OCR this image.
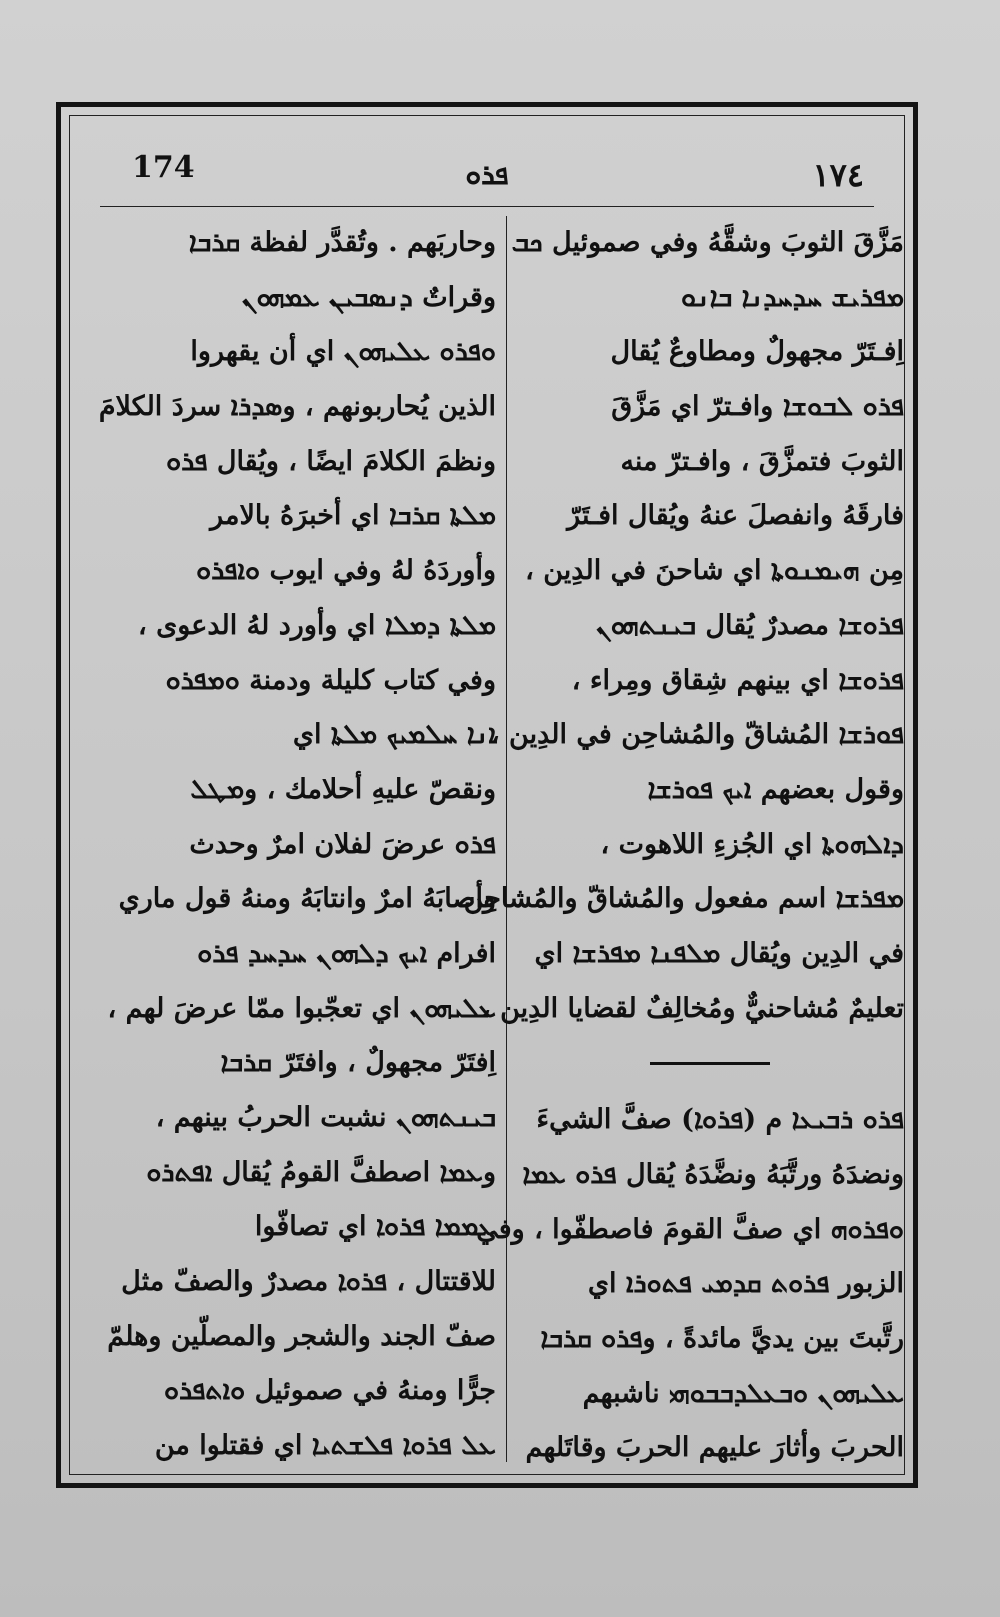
174	ܦܪܘ	١٧٤
مَزَّقَ الثوبَ وشقَّهُ وفي صموئيل ܟܒ
ܡܦܪܝܫ ܚܕܚܕܢܐ ܒܐܢܘ
اِفـتَرّ مجهولٌ ومطاوعٌ يُقال
ܦܪܘ ܠܒܘܫܐ وافـترّ اي مَزَّقَ
الثوبَ فتمزَّقَ ، وافـترّ منه
فارقَهُ وانفصلَ عنهُ ويُقال افـتَرّ
مِن ܗܝܡܢܘܬܐ اي شاحنَ في الدِين ،
ܦܪܘܫܐ مصدرٌ يُقال ܒܝܢܬܗܘܢ
ܦܪܘܫܐ اي بينهم شِقاق ومِراء ،
ܦܘܪܫܐ المُشاقّ والمُشاحِن في الدِين ،
وقول بعضهم ܐܝܟ ܦܘܪܫܐ
ܕܐܠܗܘܬܐ اي الجُزءِ اللاهوت ،
ܡܦܪܫܐ اسم مفعول والمُشاقّ والمُشاحِن
في الدِين ويُقال ܡܠܦܢܐ ܡܦܪܫܐ اي
تعليمٌ مُشاحنيٌّ ومُخالِفٌ لقضايا الدِين ،
ܦܪܘ ܪܒܝܥܐ م (ܦܪܘܐ) صفَّ الشيءَ
ونضدَهُ ورتَّبَهُ ونضَّدَهُ يُقال ܦܪܘ ܥܡܐ
ܘܦܪܘܗ اي صفَّ القومَ فاصطفّوا ، وفي
الزبور ܦܪܘܬ ܩܕܡܝ ܦܬܘܪܐ اي
رتَّبتَ بين يديَّ مائدةً ، وܦܪܘ ܩܪܒܐ
ܥܠܝܗܘܢ ܘܒܥܠܕܒܒܘܗܝ ناشبهم
الحربَ وأثارَ عليهم الحربَ وقاتَلهم
وحاربَهم . وتُقدَّر لفظة ܩܪܒܐ
وقراتٌ ܕܢܣܒܝܢ ܥܡܗܘܢ
ܘܦܪܘ ܥܠܝܗܘܢ اي أن يقهروا
الذين يُحاربونهم ، وܣܕܪܐ سردَ الكلامَ
ونظمَ الكلامَ ايضًا ، ويُقال ܦܪܘ
ܡܠܬܐ ܩܪܒܐ اي أخبرَهُ بالامر
وأوردَهُ لهُ وفي ايوب ܘܐܦܪܘ
ܡܠܬܐ ܕܡܠܐ اي وأورد لهُ الدعوى ،
وفي كتاب كليلة ودمنة ܘܡܦܪܘ
ܐܢܐ ܚܠܡܝܟ ܡܠܬܐ اي
ونقصّ عليهِ أحلامك ، وܡܛܠ
ܦܪܘ عرضَ لفلان امرٌ وحدث
وأصابَهُ امرٌ وانتابَهُ ومنهُ قول ماري
افرام ܐܝܟ ܕܠܗܘܢ ܚܕܚܕ ܦܪܘ
ܥܠܝܗܘܢ اي تعجّبوا ممّا عرضَ لهم ،
اِفتَرّ مجهولٌ ، وافتَرّ ܩܪܒܐ
ܒܝܢܬܗܘܢ نشبت الحربُ بينهم ،
وܥܡܐ اصطفَّ القومُ يُقال ܐܦܬܪܘ
ܥܡܡܐ ܦܪܘܐ اي تصافّوا
للاقتتال ، ܦܪܘܐ مصدرٌ والصفّ مثل
صفّ الجند والشجر والمصلّين وهلمّ
جرًّا ومنهُ في صموئيل ܘܐܬܦܪܘ
ܥܠ ܦܪܘܐ ܦܠܫܬܝܐ اي فقتلوا من
